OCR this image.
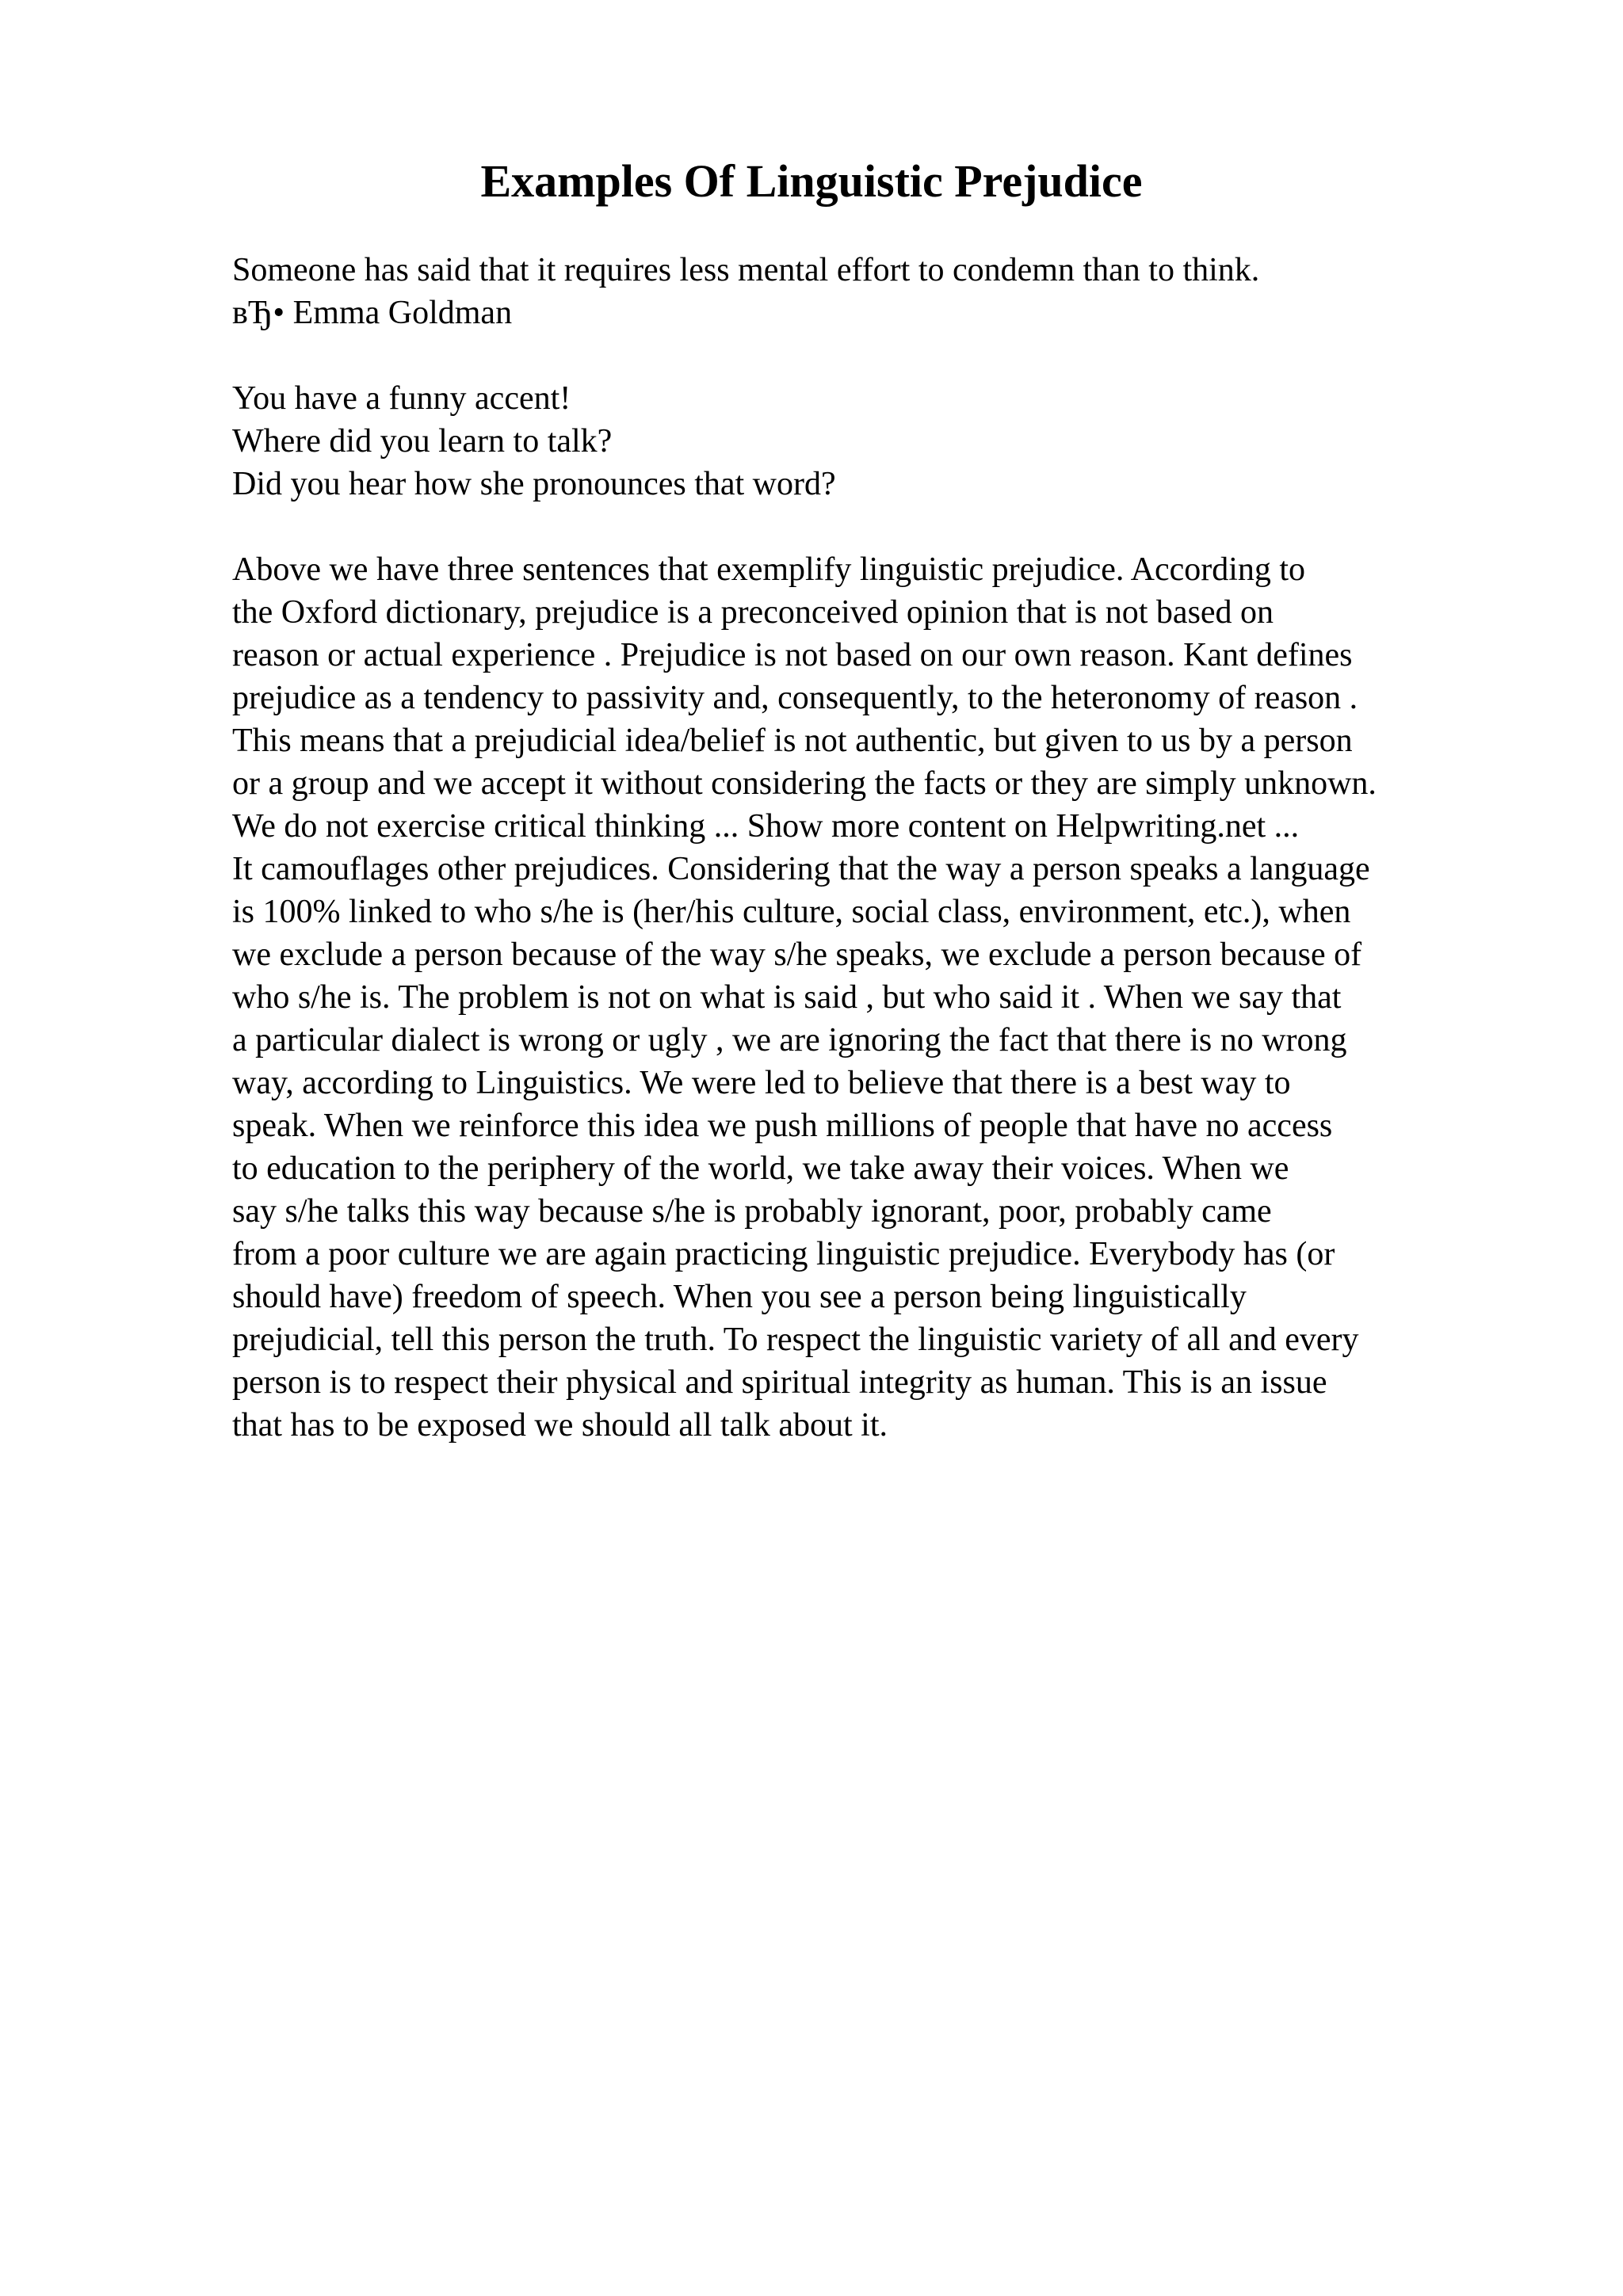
Examples Of Linguistic Prejudice

Someone has said that it requires less mental effort to condemn than to think.

вЂ• Emma Goldman

You have a funny accent!

Where did you learn to talk?

Did you hear how she pronounces that word?

Above we have three sentences that exemplify linguistic prejudice. According to

the Oxford dictionary, prejudice is a preconceived opinion that is not based on

reason or actual experience . Prejudice is not based on our own reason. Kant defines

prejudice as a tendency to passivity and, consequently, to the heteronomy of reason .

This means that a prejudicial idea/belief is not authentic, but given to us by a person

or a group and we accept it without considering the facts or they are simply unknown.

We do not exercise critical thinking ... Show more content on Helpwriting.net ...

It camouflages other prejudices. Considering that the way a person speaks a language

is 100% linked to who s/he is (her/his culture, social class, environment, etc.), when

we exclude a person because of the way s/he speaks, we exclude a person because of

who s/he is. The problem is not on what is said , but who said it . When we say that

a particular dialect is wrong or ugly , we are ignoring the fact that there is no wrong

way, according to Linguistics. We were led to believe that there is a best way to

speak. When we reinforce this idea we push millions of people that have no access

to education to the periphery of the world, we take away their voices. When we

say s/he talks this way because s/he is probably ignorant, poor, probably came

from a poor culture we are again practicing linguistic prejudice. Everybody has (or

should have) freedom of speech. When you see a person being linguistically

prejudicial, tell this person the truth. To respect the linguistic variety of all and every

person is to respect their physical and spiritual integrity as human. This is an issue

that has to be exposed we should all talk about it.
